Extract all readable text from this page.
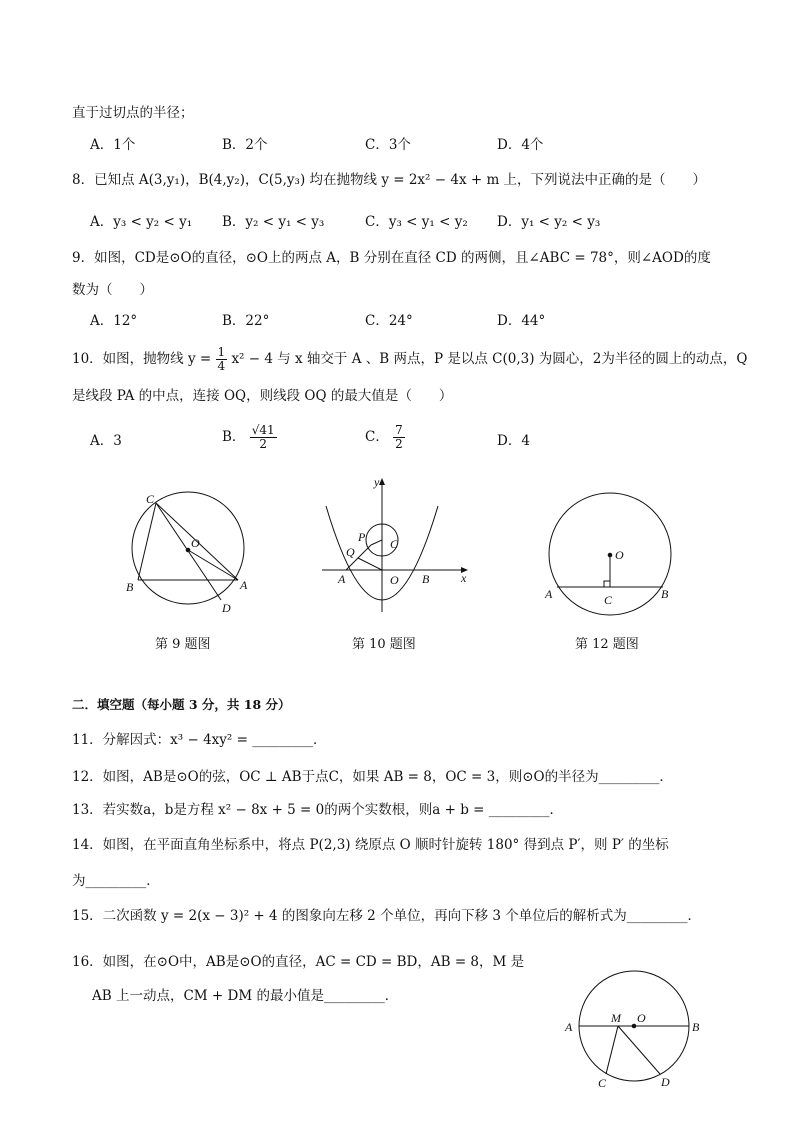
直于过切点的半径；
A．1个	B．2个	C．3个	D．4个
8．已知点 A(3,y₁)，B(4,y₂)，C(5,y₃) 均在抛物线 y = 2x² − 4x + m 上，下列说法中正确的是（　　）
A．y₃ < y₂ < y₁ B．y₂ < y₁ < y₃	C．y₃ < y₁ < y₂ D．y₁ < y₂ < y₃
9．如图，CD是⊙O的直径，⊙O上的两点 A，B 分别在直径 CD 的两侧，且∠ABC = 78°，则∠AOD的度
数为（　　）
A．12°	B．22°	C．24°	D．44°
10．如图，抛物线 $y = \frac{1}{4} x^2 - 4$ 与 x 轴交于 A 、B 两点，P 是以点 C(0,3) 为圆心，2为半径的圆上的动点，Q
是线段 PA 的中点，连接 OQ，则线段 OQ 的最大值是（　　）
A．3	B． $\frac{√41}{2}$	C． $\frac{7}{2}$	D．4
C
O
B	A
D
第 9 题图
y
x
P C
Q
A	O B
第 10 题图
O
A	C	B
第 12 题图
二．填空题（每小题 3 分，共 18 分）
11．分解因式：x³ − 4xy² = _________．
12．如图，AB是⊙O的弦，OC ⊥ AB于点C，如果 AB = 8，OC = 3，则⊙O的半径为_________．
13．若实数a，b是方程 x² − 8x + 5 = 0的两个实数根，则a + b = _________．
14．如图，在平面直角坐标系中，将点 P(2,3) 绕原点 O 顺时针旋转 180° 得到点 P′，则 P′ 的坐标
为_________．
15．二次函数 y = 2(x − 3)² + 4 的图象向左移 2 个单位，再向下移 3 个单位后的解析式为_________．
16．如图，在⊙O中，AB是⊙O的直径，AC = CD = BD，AB = 8，M 是
AB 上一动点，CM + DM 的最小值是_________．
A
M O
B
C	D
